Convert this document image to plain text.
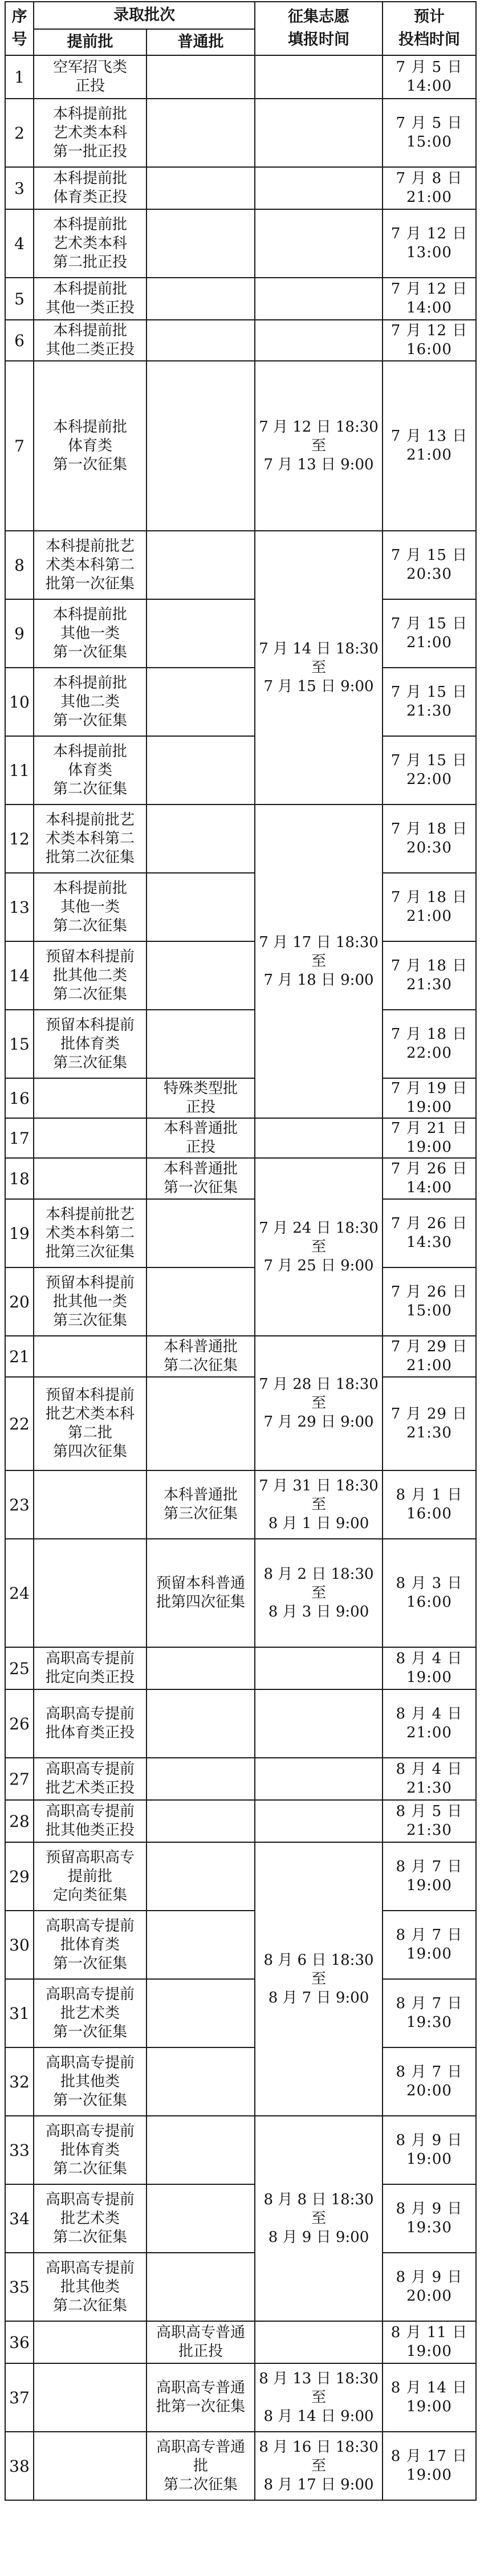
序
号	录取批次		征集志愿
填报时间	预计
投档时间
	提前批	普通批		
1	空军招飞类
正投			7 月 5 日
14:00
2	本科提前批
艺术类本科
第一批正投			7 月 5 日
15:00
3	本科提前批
体育类正投			7 月 8 日
21:00
4	本科提前批
艺术类本科
第二批正投			7 月 12 日
13:00
5	本科提前批
其他一类正投			7 月 12 日
14:00
6	本科提前批
其他二类正投			7 月 12 日
16:00
7	本科提前批
体育类
第一次征集		7 月 12 日 18:30
至
7 月 13 日 9:00	7 月 13 日
21:00
8	本科提前批艺
术类本科第二
批第一次征集		7 月 14 日 18:30
至
7 月 15 日 9:00	7 月 15 日
20:30
9	本科提前批
其他一类
第一次征集			7 月 15 日
21:00
10	本科提前批
其他二类
第一次征集			7 月 15 日
21:30
11	本科提前批
体育类
第二次征集			7 月 15 日
22:00
12	本科提前批艺
术类本科第二
批第二次征集		7 月 17 日 18:30
至
7 月 18 日 9:00	7 月 18 日
20:30
13	本科提前批
其他一类
第二次征集			7 月 18 日
21:00
14	预留本科提前
批其他二类
第二次征集			7 月 18 日
21:30
15	预留本科提前
批体育类
第三次征集			7 月 18 日
22:00
16		特殊类型批
正投		7 月 19 日
19:00
17		本科普通批
正投		7 月 21 日
19:00
18		本科普通批
第一次征集	7 月 24 日 18:30
至
7 月 25 日 9:00	7 月 26 日
14:00
19	本科提前批艺
术类本科第二
批第三次征集			7 月 26 日
14:30
20	预留本科提前
批其他一类
第三次征集			7 月 26 日
15:00
21		本科普通批
第二次征集	7 月 28 日 18:30
至
7 月 29 日 9:00	7 月 29 日
21:00
22	预留本科提前
批艺术类本科
第二批
第四次征集			7 月 29 日
21:30
23		本科普通批
第三次征集	7 月 31 日 18:30
至
8 月 1 日 9:00	8 月 1 日
16:00
24		预留本科普通
批第四次征集	8 月 2 日 18:30
至
8 月 3 日 9:00	8 月 3 日
16:00
25	高职高专提前
批定向类正投			8 月 4 日
19:00
26	高职高专提前
批体育类正投			8 月 4 日
21:00
27	高职高专提前
批艺术类正投			8 月 4 日
21:30
28	高职高专提前
批其他类正投			8 月 5 日
21:30
29	预留高职高专
提前批
定向类征集		8 月 6 日 18:30
至
8 月 7 日 9:00	8 月 7 日
19:00
30	高职高专提前
批体育类
第一次征集			8 月 7 日
19:00
31	高职高专提前
批艺术类
第一次征集			8 月 7 日
19:30
32	高职高专提前
批其他类
第一次征集			8 月 7 日
20:00
33	高职高专提前
批体育类
第二次征集		8 月 8 日 18:30
至
8 月 9 日 9:00	8 月 9 日
19:00
34	高职高专提前
批艺术类
第二次征集			8 月 9 日
19:30
35	高职高专提前
批其他类
第二次征集			8 月 9 日
20:00
36		高职高专普通
批正投		8 月 11 日
19:00
37		高职高专普通
批第一次征集	8 月 13 日 18:30
至
8 月 14 日 9:00	8 月 14 日
19:00
38		高职高专普通批
第二次征集	8 月 16 日 18:30
至
8 月 17 日 9:00	8 月 17 日
19:00
